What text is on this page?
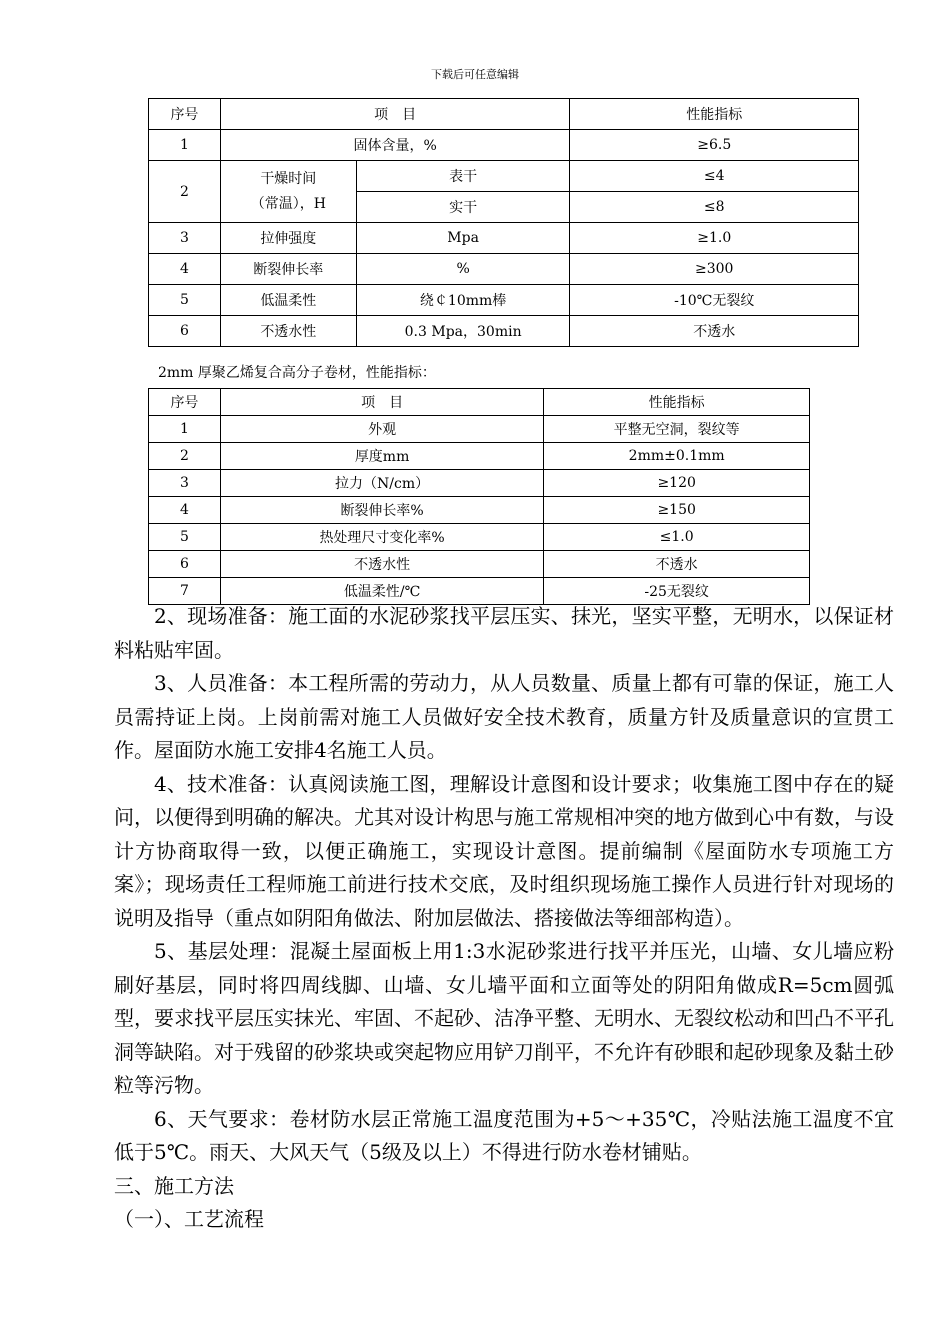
下载后可任意编辑
序号	项　目		性能指标
1	固体含量，%		≥6.5
2	干燥时间（常温），H	表干	≤4
		实干	≤8
3	拉伸强度	Mpa	≥1.0
4	断裂伸长率	%	≥300
5	低温柔性	绕￠10mm棒	-10℃无裂纹
6	不透水性	0.3 Mpa，30min	不透水
2mm 厚聚乙烯复合高分子卷材，性能指标：
序号	项　目	性能指标
1	外观	平整无空洞，裂纹等
2	厚度mm	2mm±0.1mm
3	拉力（N/cm）	≥120
4	断裂伸长率%	≥150
5	热处理尺寸变化率%	≤1.0
6	不透水性	不透水
7	低温柔性/℃	-25无裂纹

2、现场准备：施工面的水泥砂浆找平层压实、抹光，坚实平整，无明水，以保证材料粘贴牢固。

3、人员准备：本工程所需的劳动力，从人员数量、质量上都有可靠的保证，施工人员需持证上岗。上岗前需对施工人员做好安全技术教育，质量方针及质量意识的宣贯工作。屋面防水施工安排4名施工人员。

4、技术准备：认真阅读施工图，理解设计意图和设计要求；收集施工图中存在的疑问，以便得到明确的解决。尤其对设计构思与施工常规相冲突的地方做到心中有数，与设计方协商取得一致，以便正确施工，实现设计意图。提前编制《屋面防水专项施工方案》；现场责任工程师施工前进行技术交底，及时组织现场施工操作人员进行针对现场的说明及指导（重点如阴阳角做法、附加层做法、搭接做法等细部构造）。

5、基层处理：混凝土屋面板上用1:3水泥砂浆进行找平并压光，山墙、女儿墙应粉刷好基层，同时将四周线脚、山墙、女儿墙平面和立面等处的阴阳角做成R=5cm圆弧型，要求找平层压实抹光、牢固、不起砂、洁净平整、无明水、无裂纹松动和凹凸不平孔洞等缺陷。对于残留的砂浆块或突起物应用铲刀削平，不允许有砂眼和起砂现象及黏土砂粒等污物。

6、天气要求：卷材防水层正常施工温度范围为+5～+35℃，冷贴法施工温度不宜低于5℃。雨天、大风天气（5级及以上）不得进行防水卷材铺贴。

三、施工方法

（一）、工艺流程
